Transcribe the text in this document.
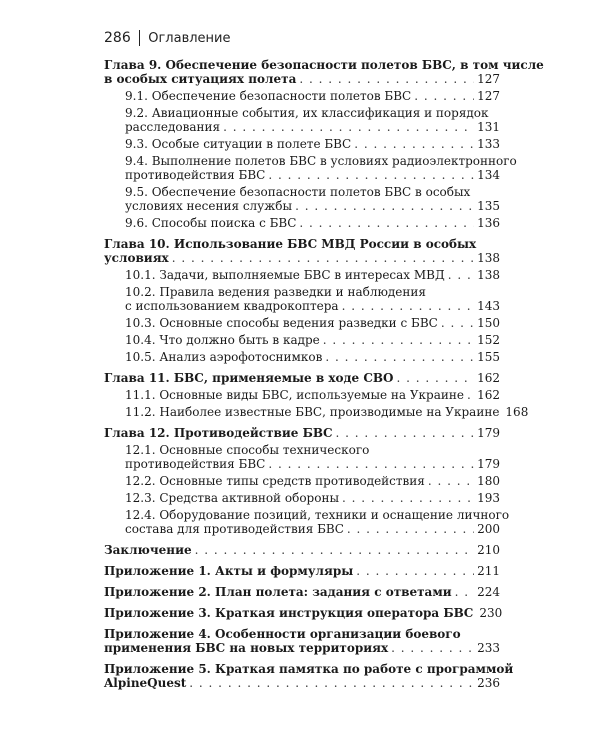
286 Оглавление
Глава 9. Обеспечение безопасности полетов БВС, в том числе
в особых ситуациях полета . . .	127
9.1. Обеспечение безопасности полетов БВС . . .	127
9.2. Авиационные события, их классификация и порядок
расследования . . .	131
9.3. Особые ситуации в полете БВС . . .	133
9.4. Выполнение полетов БВС в условиях радиоэлектронного
противодействия БВС . . .	134
9.5. Обеспечение безопасности полетов БВС в особых
условиях несения службы . . .	135
9.6. Способы поиска с БВС . . .	136
Глава 10. Использование БВС МВД России в особых
условиях . . .	138
10.1. Задачи, выполняемые БВС в интересах МВД . . .	138
10.2. Правила ведения разведки и наблюдения
с использованием квадрокоптера . . .	143
10.3. Основные способы ведения разведки с БВС . . .	150
10.4. Что должно быть в кадре . . .	152
10.5. Анализ аэрофотоснимков . . .	155
Глава 11. БВС, применяемые в ходе СВО . . .	162
11.1. Основные виды БВС, используемые на Украине . . . 162
11.2. Наиболее известные БВС, производимые на Украине 168
Глава 12. Противодействие БВС . . .	179
12.1. Основные способы технического
противодействия БВС . . .	179
12.2. Основные типы средств противодействия . . .	180
12.3. Средства активной обороны . . .	193
12.4. Оборудование позиций, техники и оснащение личного
состава для противодействия БВС . . .	200
Заключение . . .	210
Приложение 1. Акты и формуляры . . .	211
Приложение 2. План полета: задания с ответами . . . 224
Приложение 3. Краткая инструкция оператора БВС 230
Приложение 4. Особенности организации боевого
применения БВС на новых территориях . . .	233
Приложение 5. Краткая памятка по работе с программой
AlpineQuest . . .	236
